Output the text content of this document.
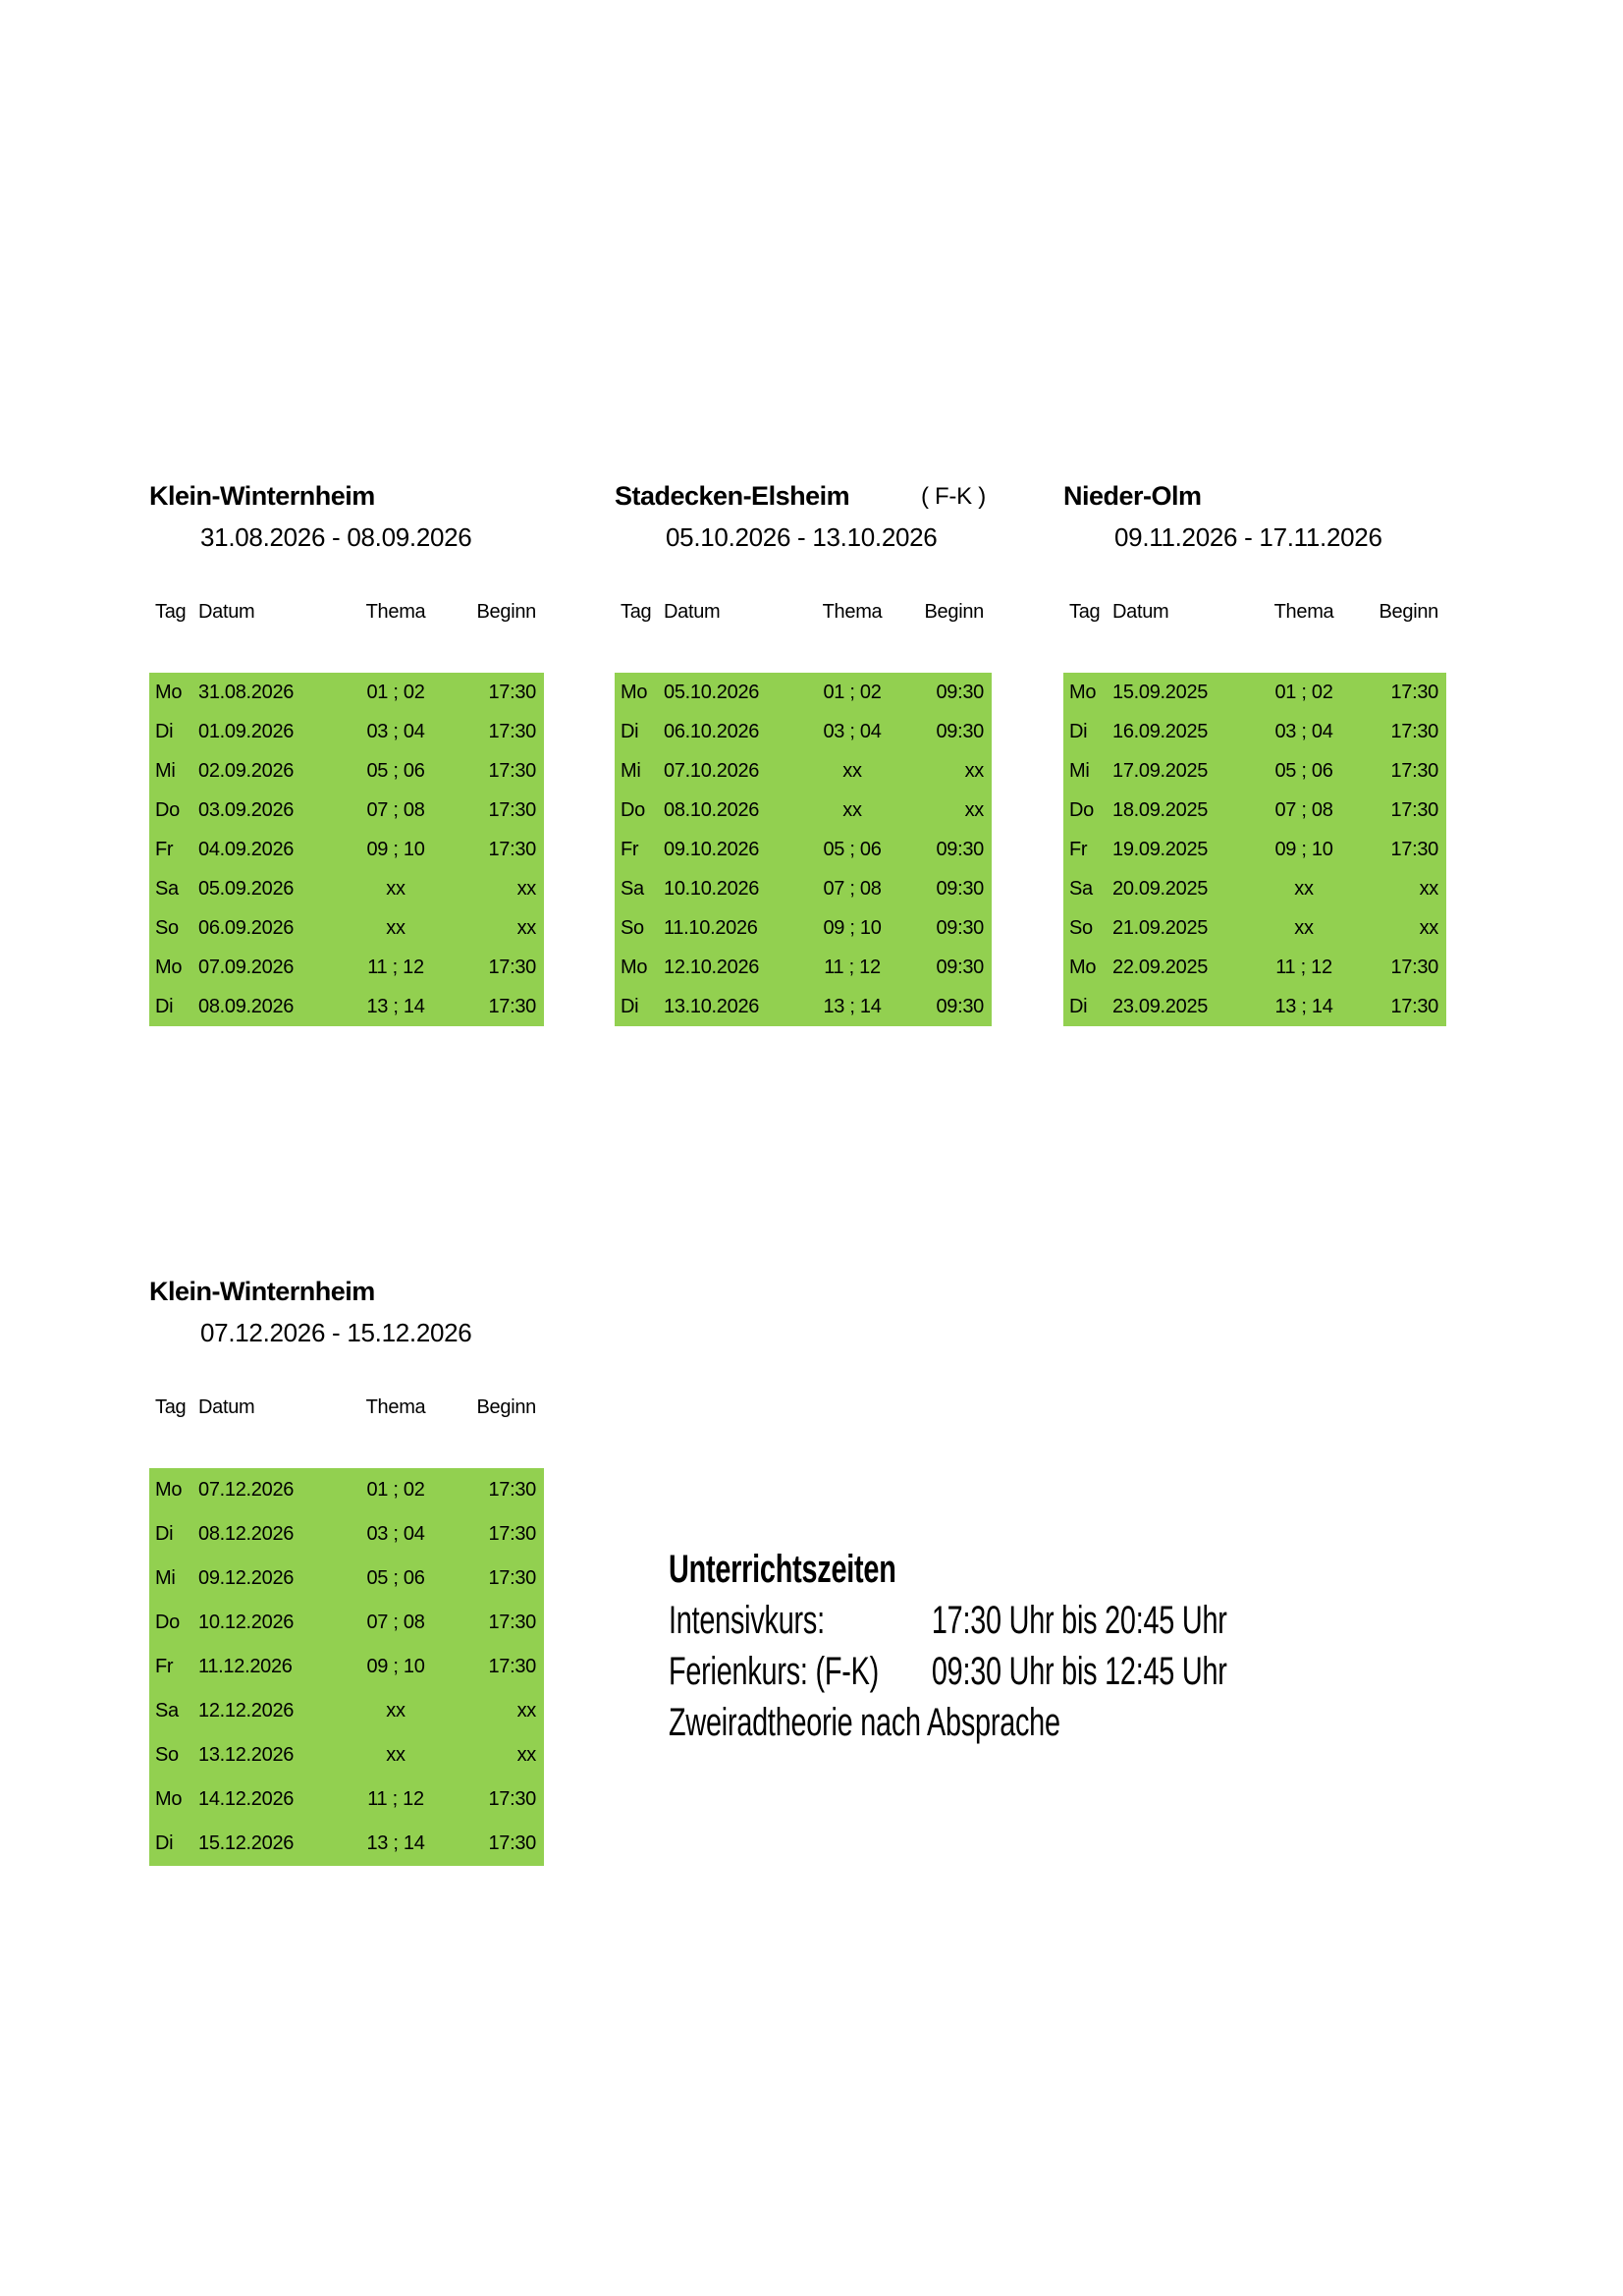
Klein-Winternheim
31.08.2026 - 08.09.2026
Tag Datum	Thema	Beginn
Mo 31.08.2026	01 ; 02	17:30
Di	01.09.2026	03 ; 04	17:30
Mi	02.09.2026	05 ; 06	17:30
Do 03.09.2026	07 ; 08	17:30
Fr	04.09.2026	09 ; 10	17:30
Sa	05.09.2026	xx	xx
So	06.09.2026	xx	xx
Mo 07.09.2026	11 ; 12	17:30
Di	08.09.2026	13 ; 14	17:30
Stadecken-Elsheim	( F-K )
05.10.2026 - 13.10.2026
Tag Datum	Thema	Beginn
Mo 05.10.2026	01 ; 02	09:30
Di	06.10.2026	03 ; 04	09:30
Mi	07.10.2026	xx	xx
Do 08.10.2026	xx	xx
Fr	09.10.2026	05 ; 06	09:30
Sa	10.10.2026	07 ; 08	09:30
So	11.10.2026	09 ; 10	09:30
Mo 12.10.2026	11 ; 12	09:30
Di	13.10.2026	13 ; 14	09:30
Nieder-Olm
09.11.2026 - 17.11.2026
Tag Datum	Thema	Beginn
Mo 15.09.2025	01 ; 02	17:30
Di	16.09.2025	03 ; 04	17:30
Mi	17.09.2025	05 ; 06	17:30
Do 18.09.2025	07 ; 08	17:30
Fr	19.09.2025	09 ; 10	17:30
Sa	20.09.2025	xx	xx
So	21.09.2025	xx	xx
Mo 22.09.2025	11 ; 12	17:30
Di	23.09.2025	13 ; 14	17:30
Klein-Winternheim
07.12.2026 - 15.12.2026
Tag Datum	Thema	Beginn
Mo 07.12.2026	01 ; 02	17:30
Di	08.12.2026	03 ; 04	17:30
Mi	09.12.2026	05 ; 06	17:30
Do 10.12.2026	07 ; 08	17:30
Fr	11.12.2026	09 ; 10	17:30
Sa	12.12.2026	xx	xx
So	13.12.2026	xx	xx
Mo 14.12.2026	11 ; 12	17:30
Di	15.12.2026	13 ; 14	17:30
Unterrichtszeiten
Intensivkurs:	17:30 Uhr bis 20:45 Uhr
Ferienkurs: (F-K)	09:30 Uhr bis 12:45 Uhr
Zweiradtheorie nach Absprache
